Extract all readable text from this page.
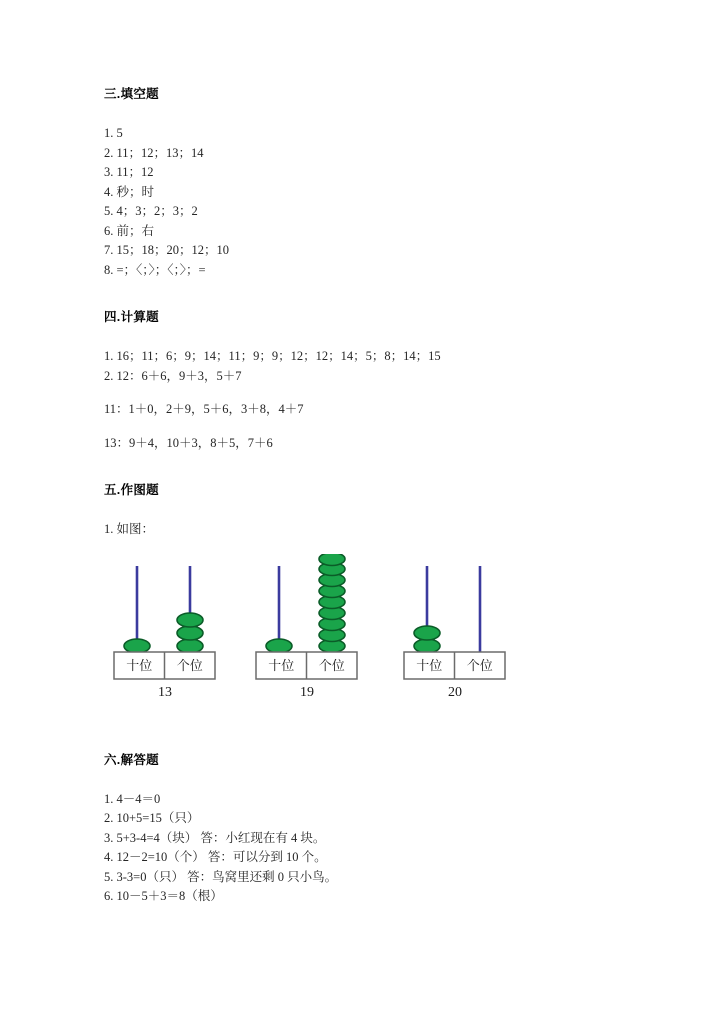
三.填空题
1. 5
2. 11；12；13；14
3. 11；12
4. 秒；时
5. 4；3；2；3；2
6. 前；右
7. 15；18；20；12；10
8. =；〈；〉；〈；〉；=
四.计算题
1. 16；11；6；9；14；11；9；9；12；12；14；5；8；14；15
2. 12：6＋6，9＋3，5＋7
11：1＋0，2＋9，5＋6，3＋8，4＋7
13：9＋4，10＋3，8＋5，7＋6
五.作图题
1. 如图：
十位	个位
13
十位	个位
19
十位	个位
20
六.解答题
1. 4－4＝0
2. 10+5=15（只）
3. 5+3-4=4（块） 答：小红现在有 4 块。
4. 12－2=10（个） 答：可以分到 10 个。
5. 3-3=0（只） 答：鸟窝里还剩 0 只小鸟。
6. 10－5＋3＝8（根）
